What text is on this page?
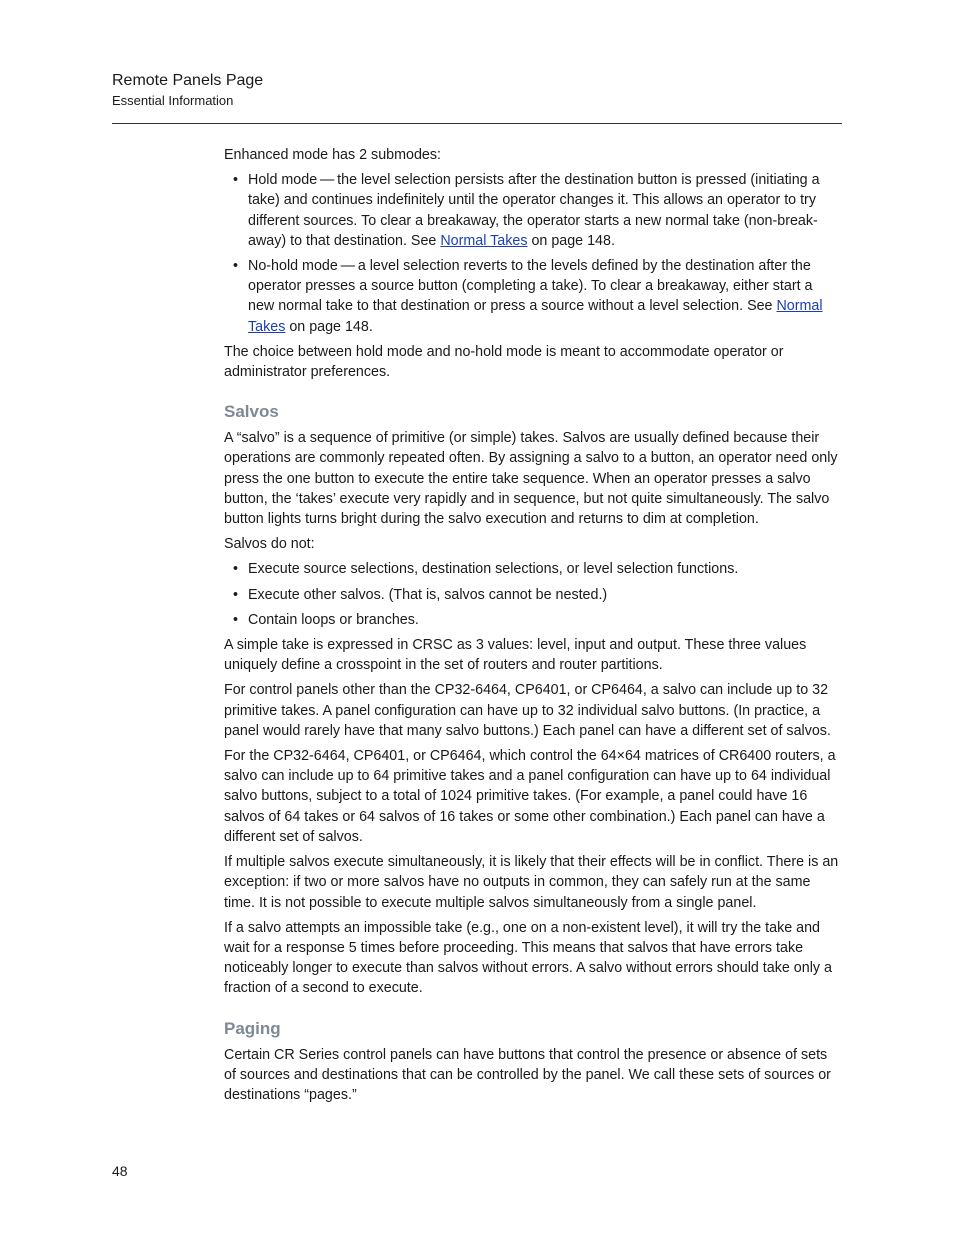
Remote Panels Page
Essential Information

Enhanced mode has 2 submodes:

• Hold mode — the level selection persists after the destination button is pressed (initiating a take) and continues indefinitely until the operator changes it. This allows an operator to try different sources. To clear a breakaway, the operator starts a new normal take (non-break-away) to that destination. See Normal Takes on page 148.
• No-hold mode — a level selection reverts to the levels defined by the destination after the operator presses a source button (completing a take). To clear a breakaway, either start a new normal take to that destination or press a source without a level selection. See Normal Takes on page 148.

The choice between hold mode and no-hold mode is meant to accommodate operator or administrator preferences.

Salvos

A “salvo” is a sequence of primitive (or simple) takes. Salvos are usually defined because their operations are commonly repeated often. By assigning a salvo to a button, an operator need only press the one button to execute the entire take sequence. When an operator presses a salvo button, the ‘takes’ execute very rapidly and in sequence, but not quite simultaneously. The salvo button lights turns bright during the salvo execution and returns to dim at completion.

Salvos do not:

• Execute source selections, destination selections, or level selection functions.
• Execute other salvos. (That is, salvos cannot be nested.)
• Contain loops or branches.

A simple take is expressed in CRSC as 3 values: level, input and output. These three values uniquely define a crosspoint in the set of routers and router partitions.

For control panels other than the CP32-6464, CP6401, or CP6464, a salvo can include up to 32 primitive takes. A panel configuration can have up to 32 individual salvo buttons. (In practice, a panel would rarely have that many salvo buttons.) Each panel can have a different set of salvos.

For the CP32-6464, CP6401, or CP6464, which control the 64×64 matrices of CR6400 routers, a salvo can include up to 64 primitive takes and a panel configuration can have up to 64 individual salvo buttons, subject to a total of 1024 primitive takes. (For example, a panel could have 16 salvos of 64 takes or 64 salvos of 16 takes or some other combination.) Each panel can have a different set of salvos.

If multiple salvos execute simultaneously, it is likely that their effects will be in conflict. There is an exception: if two or more salvos have no outputs in common, they can safely run at the same time. It is not possible to execute multiple salvos simultaneously from a single panel.

If a salvo attempts an impossible take (e.g., one on a non-existent level), it will try the take and wait for a response 5 times before proceeding. This means that salvos that have errors take noticeably longer to execute than salvos without errors. A salvo without errors should take only a fraction of a second to execute.

Paging

Certain CR Series control panels can have buttons that control the presence or absence of sets of sources and destinations that can be controlled by the panel. We call these sets of sources or destinations “pages.”

48
